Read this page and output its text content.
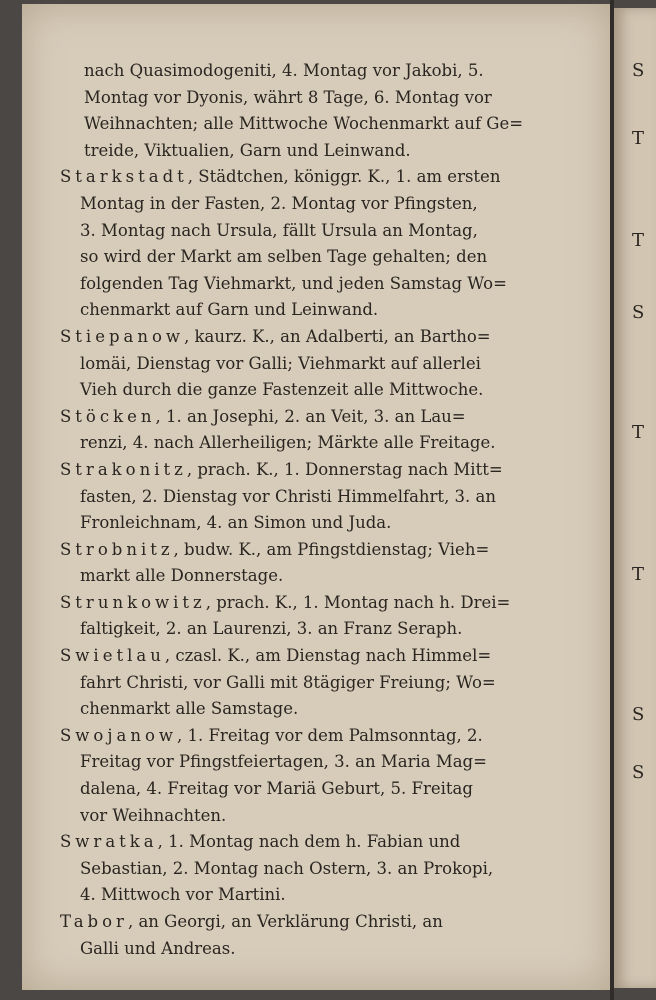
nach Quasimodogeniti, 4. Montag vor Jakobi, 5.
Montag vor Dyonis, währt 8 Tage, 6. Montag vor
Weihnachten; alle Mittwoche Wochenmarkt auf Ge=
treide, Viktualien, Garn und Leinwand.

Starkstadt, Städtchen, königgr. K., 1. am ersten
Montag in der Fasten, 2. Montag vor Pfingsten,
3. Montag nach Ursula, fällt Ursula an Montag,
so wird der Markt am selben Tage gehalten; den
folgenden Tag Viehmarkt, und jeden Samstag Wo=
chenmarkt auf Garn und Leinwand.

Stiepanow, kaurz. K., an Adalberti, an Bartho=
lomäi, Dienstag vor Galli; Viehmarkt auf allerlei
Vieh durch die ganze Fastenzeit alle Mittwoche.

Stöcken, 1. an Josephi, 2. an Veit, 3. an Lau=
renzi, 4. nach Allerheiligen; Märkte alle Freitage.

Strakonitz, prach. K., 1. Donnerstag nach Mitt=
fasten, 2. Dienstag vor Christi Himmelfahrt, 3. an
Fronleichnam, 4. an Simon und Juda.

Strobnitz, budw. K., am Pfingstdienstag; Vieh=
markt alle Donnerstage.

Strunkowitz, prach. K., 1. Montag nach h. Drei=
faltigkeit, 2. an Laurenzi, 3. an Franz Seraph.

Swietlau, czasl. K., am Dienstag nach Himmel=
fahrt Christi, vor Galli mit 8tägiger Freiung; Wo=
chenmarkt alle Samstage.

Swojanow, 1. Freitag vor dem Palmsonntag, 2.
Freitag vor Pfingstfeiertagen, 3. an Maria Mag=
dalena, 4. Freitag vor Mariä Geburt, 5. Freitag
vor Weihnachten.

Swratka, 1. Montag nach dem h. Fabian und
Sebastian, 2. Montag nach Ostern, 3. an Prokopi,
4. Mittwoch vor Martini.

Tabor, an Georgi, an Verklärung Christi, an
Galli und Andreas.

S
T
T
S
T
T
S
S
